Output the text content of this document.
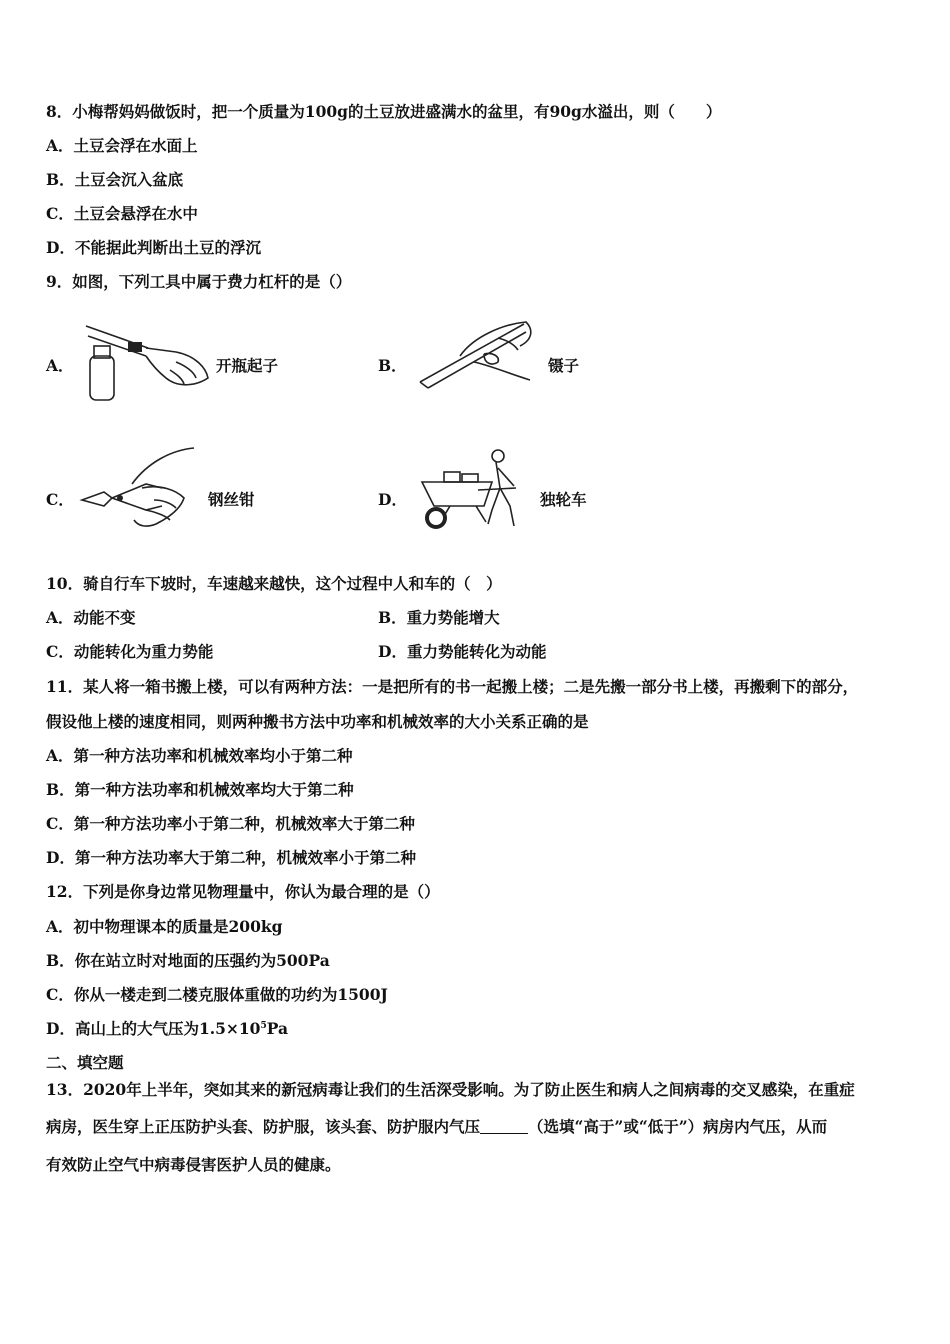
8．小梅帮妈妈做饭时，把一个质量为100g的土豆放进盛满水的盆里，有90g水溢出，则（　　）
A．土豆会浮在水面上
B．土豆会沉入盆底
C．土豆会悬浮在水中
D．不能据此判断出土豆的浮沉
9．如图，下列工具中属于费力杠杆的是（）
A．	开瓶起子	B．	镊子
C．	钢丝钳	D．	独轮车
10．骑自行车下坡时，车速越来越快，这个过程中人和车的（　）
A．动能不变	B．重力势能增大
C．动能转化为重力势能	D．重力势能转化为动能
11．某人将一箱书搬上楼，可以有两种方法：一是把所有的书一起搬上楼；二是先搬一部分书上楼，再搬剩下的部分，
假设他上楼的速度相同，则两种搬书方法中功率和机械效率的大小关系正确的是
A．第一种方法功率和机械效率均小于第二种
B．第一种方法功率和机械效率均大于第二种
C．第一种方法功率小于第二种，机械效率大于第二种
D．第一种方法功率大于第二种，机械效率小于第二种
12．下列是你身边常见物理量中，你认为最合理的是（）
A．初中物理课本的质量是200kg
B．你在站立时对地面的压强约为500Pa
C．你从一楼走到二楼克服体重做的功约为1500J
D．高山上的大气压为$1.5\times 10^5Pa$
二、填空题
13．2020年上半年，突如其来的新冠病毒让我们的生活深受影响。为了防止医生和病人之间病毒的交叉感染，在重症
病房，医生穿上正压防护头套、防护服，该头套、防护服内气压	（选填“高于”或“低于”）病房内气压，从而
有效防止空气中病毒侵害医护人员的健康。
